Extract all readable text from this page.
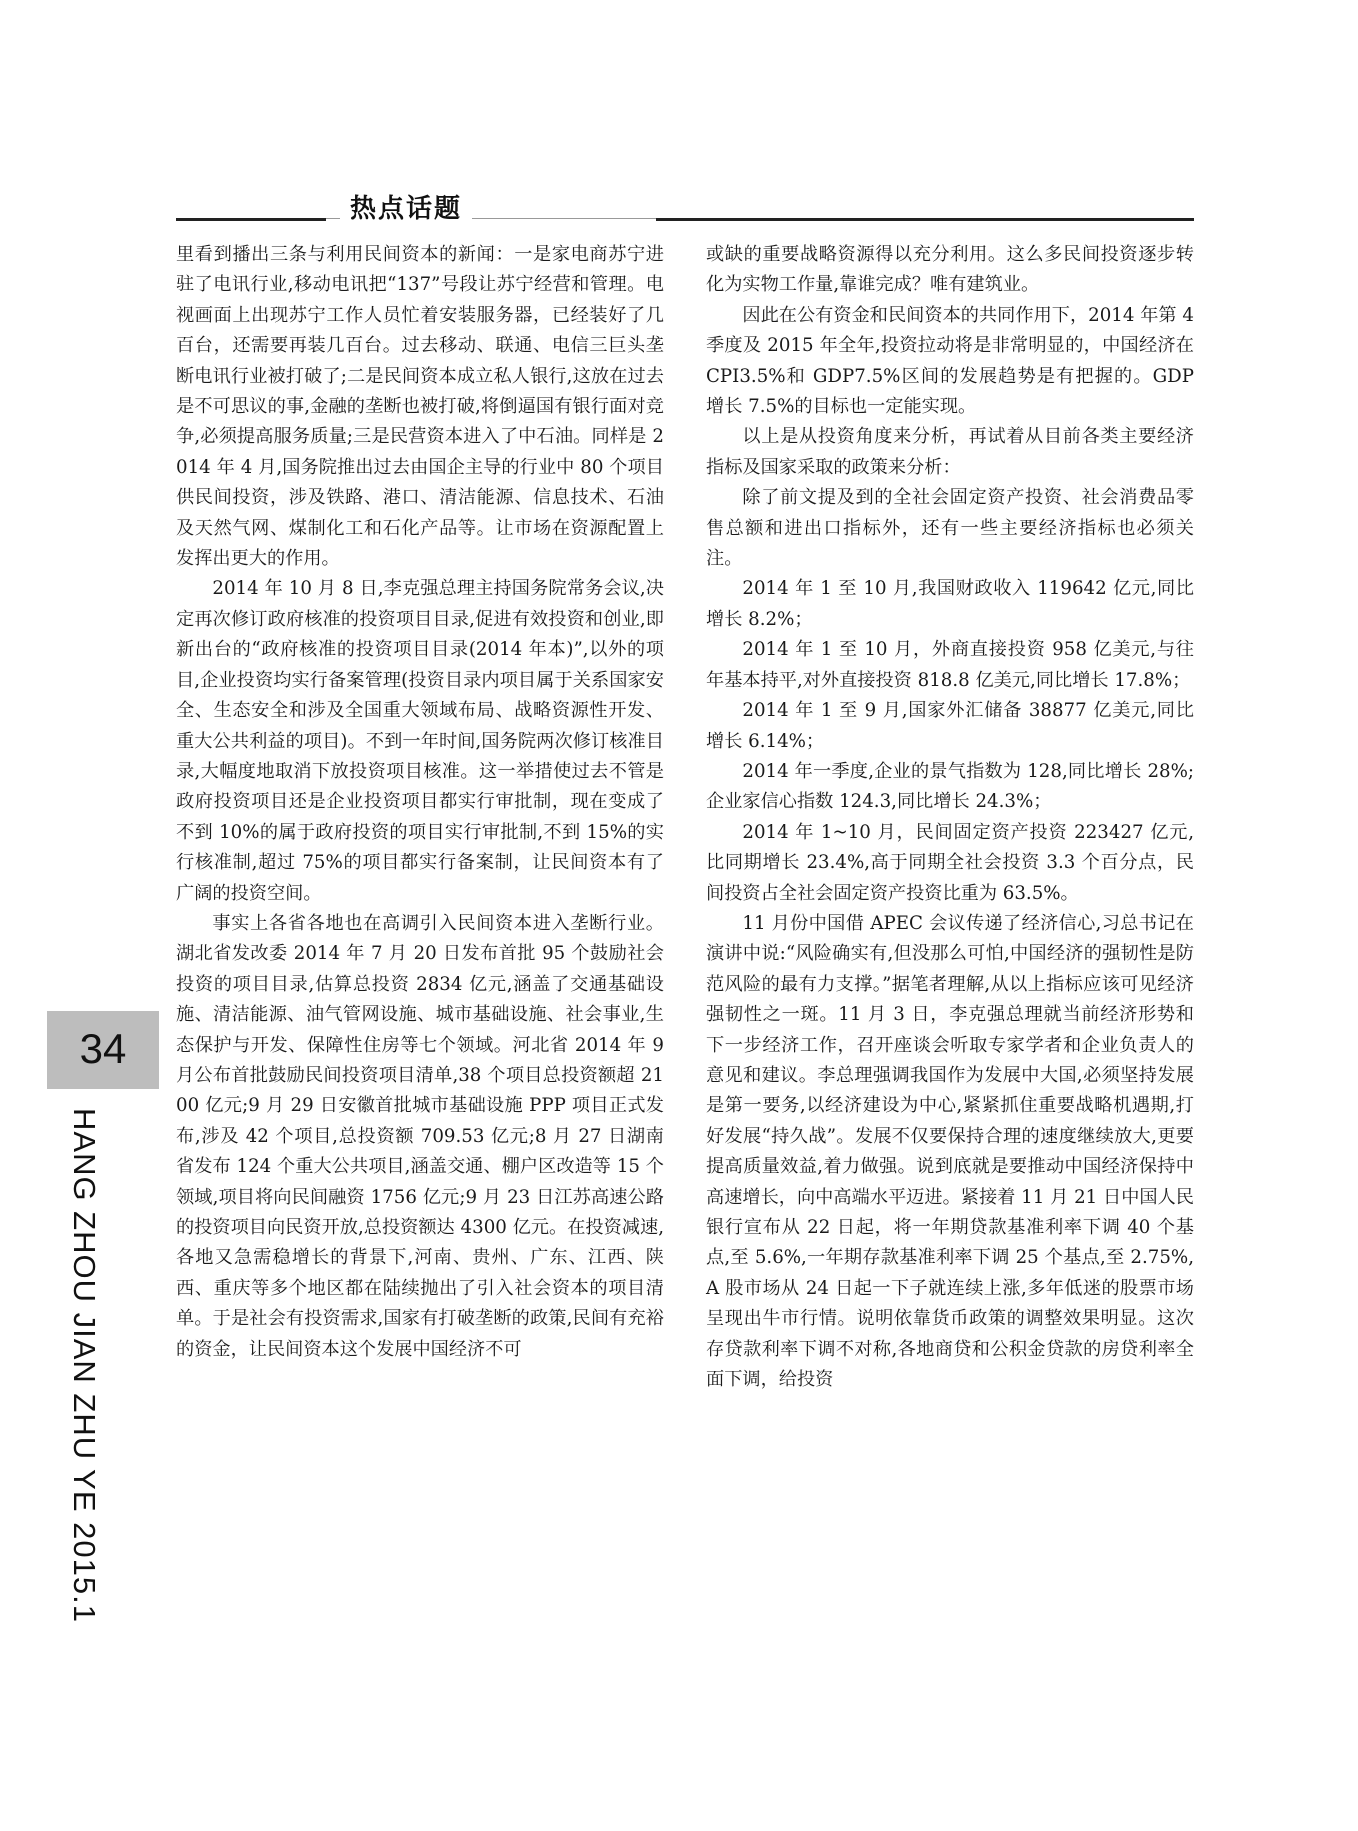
热点话题
34
HANG ZHOU JIAN ZHU YE 2015.1

里看到播出三条与利用民间资本的新闻：一是家电商苏宁进驻了电讯行业,移动电讯把“137”号段让苏宁经营和管理。电视画面上出现苏宁工作人员忙着安装服务器，已经装好了几百台，还需要再装几百台。过去移动、联通、电信三巨头垄断电讯行业被打破了;二是民间资本成立私人银行,这放在过去是不可思议的事,金融的垄断也被打破,将倒逼国有银行面对竞争,必须提高服务质量;三是民营资本进入了中石油。同样是 2014 年 4 月,国务院推出过去由国企主导的行业中 80 个项目供民间投资，涉及铁路、港口、清洁能源、信息技术、石油及天然气网、煤制化工和石化产品等。让市场在资源配置上发挥出更大的作用。

2014 年 10 月 8 日,李克强总理主持国务院常务会议,决定再次修订政府核准的投资项目目录,促进有效投资和创业,即新出台的“政府核准的投资项目目录(2014 年本)”,以外的项目,企业投资均实行备案管理(投资目录内项目属于关系国家安全、生态安全和涉及全国重大领域布局、战略资源性开发、重大公共利益的项目)。不到一年时间,国务院两次修订核准目录,大幅度地取消下放投资项目核准。这一举措使过去不管是政府投资项目还是企业投资项目都实行审批制，现在变成了不到 10%的属于政府投资的项目实行审批制,不到 15%的实行核准制,超过 75%的项目都实行备案制，让民间资本有了广阔的投资空间。

事实上各省各地也在高调引入民间资本进入垄断行业。湖北省发改委 2014 年 7 月 20 日发布首批 95 个鼓励社会投资的项目目录,估算总投资 2834 亿元,涵盖了交通基础设施、清洁能源、油气管网设施、城市基础设施、社会事业,生态保护与开发、保障性住房等七个领域。河北省 2014 年 9 月公布首批鼓励民间投资项目清单,38 个项目总投资额超 2100 亿元;9 月 29 日安徽首批城市基础设施 PPP 项目正式发布,涉及 42 个项目,总投资额 709.53 亿元;8 月 27 日湖南省发布 124 个重大公共项目,涵盖交通、棚户区改造等 15 个领域,项目将向民间融资 1756 亿元;9 月 23 日江苏高速公路的投资项目向民资开放,总投资额达 4300 亿元。在投资减速,各地又急需稳增长的背景下,河南、贵州、广东、江西、陕西、重庆等多个地区都在陆续抛出了引入社会资本的项目清单。于是社会有投资需求,国家有打破垄断的政策,民间有充裕的资金，让民间资本这个发展中国经济不可

或缺的重要战略资源得以充分利用。这么多民间投资逐步转化为实物工作量,靠谁完成？唯有建筑业。

因此在公有资金和民间资本的共同作用下，2014 年第 4 季度及 2015 年全年,投资拉动将是非常明显的，中国经济在 CPI3.5%和 GDP7.5%区间的发展趋势是有把握的。GDP 增长 7.5%的目标也一定能实现。

以上是从投资角度来分析，再试着从目前各类主要经济指标及国家采取的政策来分析：

除了前文提及到的全社会固定资产投资、社会消费品零售总额和进出口指标外，还有一些主要经济指标也必须关注。

2014 年 1 至 10 月,我国财政收入 119642 亿元,同比增长 8.2%；

2014 年 1 至 10 月，外商直接投资 958 亿美元,与往年基本持平,对外直接投资 818.8 亿美元,同比增长 17.8%；

2014 年 1 至 9 月,国家外汇储备 38877 亿美元,同比增长 6.14%；

2014 年一季度,企业的景气指数为 128,同比增长 28%;企业家信心指数 124.3,同比增长 24.3%；

2014 年 1~10 月，民间固定资产投资 223427 亿元,比同期增长 23.4%,高于同期全社会投资 3.3 个百分点，民间投资占全社会固定资产投资比重为 63.5%。

11 月份中国借 APEC 会议传递了经济信心,习总书记在演讲中说:“风险确实有,但没那么可怕,中国经济的强韧性是防范风险的最有力支撑。”据笔者理解,从以上指标应该可见经济强韧性之一斑。11 月 3 日，李克强总理就当前经济形势和下一步经济工作，召开座谈会听取专家学者和企业负责人的意见和建议。李总理强调我国作为发展中大国,必须坚持发展是第一要务,以经济建设为中心,紧紧抓住重要战略机遇期,打好发展“持久战”。发展不仅要保持合理的速度继续放大,更要提高质量效益,着力做强。说到底就是要推动中国经济保持中高速增长，向中高端水平迈进。紧接着 11 月 21 日中国人民银行宣布从 22 日起，将一年期贷款基准利率下调 40 个基点,至 5.6%,一年期存款基准利率下调 25 个基点,至 2.75%,A 股市场从 24 日起一下子就连续上涨,多年低迷的股票市场呈现出牛市行情。说明依靠货币政策的调整效果明显。这次存贷款利率下调不对称,各地商贷和公积金贷款的房贷利率全面下调，给投资
